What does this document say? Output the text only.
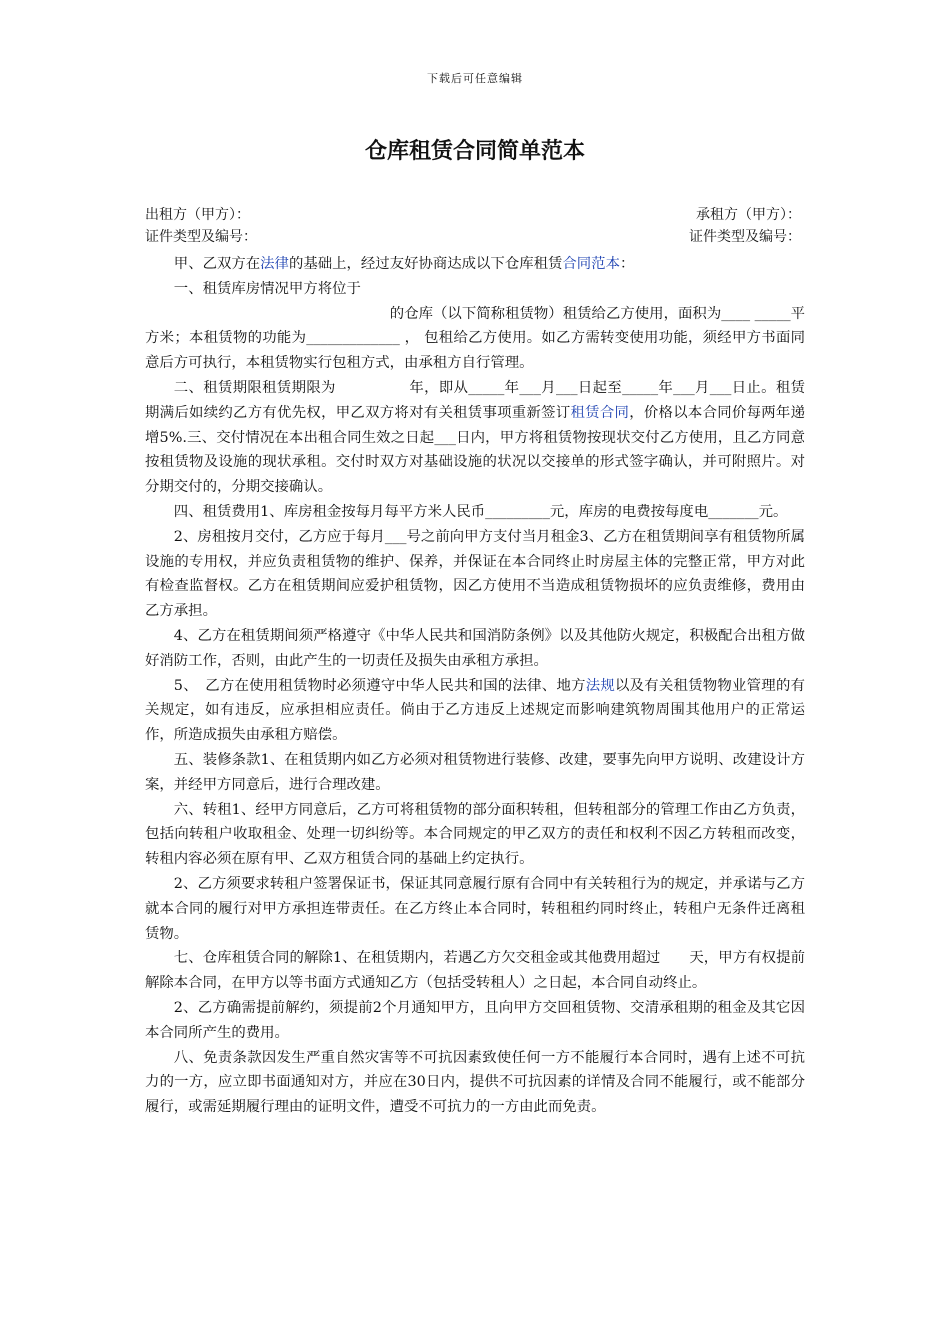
下载后可任意编辑
仓库租赁合同简单范本
出租方（甲方）：	承租方（甲方）：
证件类型及编号：	证件类型及编号：

甲、乙双方在法律的基础上，经过友好协商达成以下仓库租赁合同范本：

一、租赁库房情况甲方将位于

的仓库（以下简称租赁物）租赁给乙方使用，面积为____ _____平方米；本租赁物的功能为_____________ ， 包租给乙方使用。如乙方需转变使用功能，须经甲方书面同意后方可执行，本租赁物实行包租方式，由承租方自行管理。

二、租赁期限租赁期限为　　　　　年，即从_____年___月___日起至_____年___月___日止。租赁期满后如续约乙方有优先权，甲乙双方将对有关租赁事项重新签订租赁合同，价格以本合同价每两年递增5%.三、交付情况在本出租合同生效之日起___日内，甲方将租赁物按现状交付乙方使用，且乙方同意按租赁物及设施的现状承租。交付时双方对基础设施的状况以交接单的形式签字确认，并可附照片。对分期交付的，分期交接确认。

四、租赁费用1、库房租金按每月每平方米人民币_________元，库房的电费按每度电_______元。

2、房租按月交付，乙方应于每月___号之前向甲方支付当月租金3、乙方在租赁期间享有租赁物所属设施的专用权，并应负责租赁物的维护、保养，并保证在本合同终止时房屋主体的完整正常，甲方对此有检查监督权。乙方在租赁期间应爱护租赁物，因乙方使用不当造成租赁物损坏的应负责维修，费用由乙方承担。

4、乙方在租赁期间须严格遵守《中华人民共和国消防条例》以及其他防火规定，积极配合出租方做好消防工作，否则，由此产生的一切责任及损失由承租方承担。

5、　乙方在使用租赁物时必须遵守中华人民共和国的法律、地方法规以及有关租赁物物业管理的有关规定，如有违反，应承担相应责任。倘由于乙方违反上述规定而影响建筑物周围其他用户的正常运作，所造成损失由承租方赔偿。

五、装修条款1、在租赁期内如乙方必须对租赁物进行装修、改建，要事先向甲方说明、改建设计方案，并经甲方同意后，进行合理改建。

六、转租1、经甲方同意后，乙方可将租赁物的部分面积转租，但转租部分的管理工作由乙方负责，包括向转租户收取租金、处理一切纠纷等。本合同规定的甲乙双方的责任和权利不因乙方转租而改变，转租内容必须在原有甲、乙双方租赁合同的基础上约定执行。

2、乙方须要求转租户签署保证书，保证其同意履行原有合同中有关转租行为的规定，并承诺与乙方就本合同的履行对甲方承担连带责任。在乙方终止本合同时，转租租约同时终止，转租户无条件迁离租赁物。

七、仓库租赁合同的解除1、在租赁期内，若遇乙方欠交租金或其他费用超过　　天，甲方有权提前解除本合同，在甲方以等书面方式通知乙方（包括受转租人）之日起，本合同自动终止。

2、乙方确需提前解约，须提前2个月通知甲方，且向甲方交回租赁物、交清承租期的租金及其它因本合同所产生的费用。

八、免责条款因发生严重自然灾害等不可抗因素致使任何一方不能履行本合同时，遇有上述不可抗力的一方，应立即书面通知对方，并应在30日内，提供不可抗因素的详情及合同不能履行，或不能部分履行，或需延期履行理由的证明文件，遭受不可抗力的一方由此而免责。
